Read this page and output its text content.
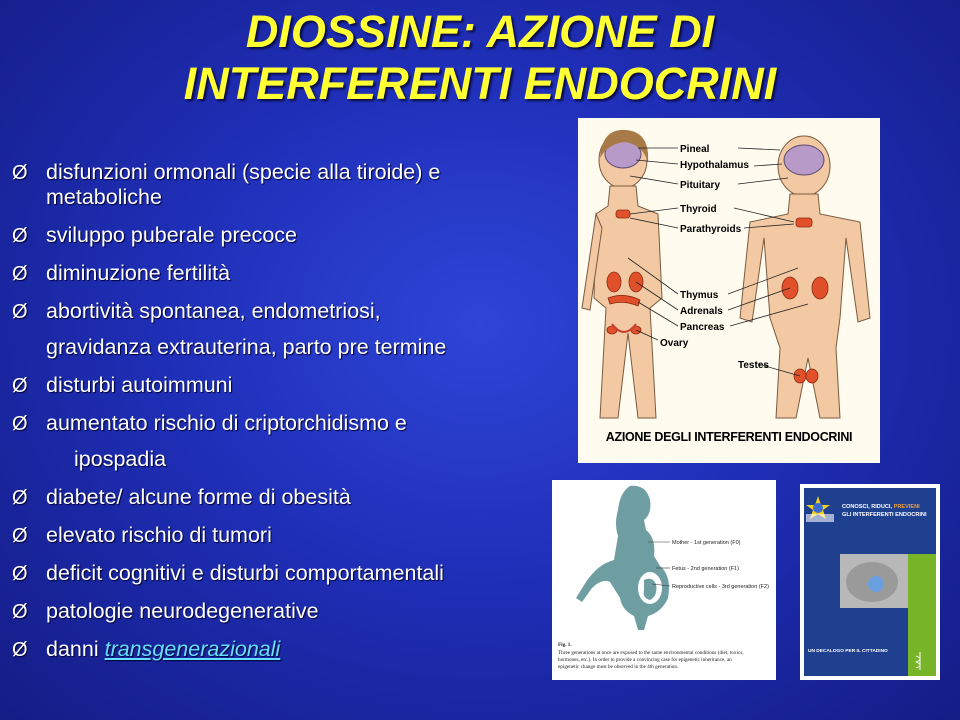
DIOSSINE: AZIONE DI
INTERFERENTI ENDOCRINI
Ø disfunzioni ormonali (specie alla tiroide) e metaboliche
Ø sviluppo puberale precoce
Ø diminuzione fertilità
Ø abortività spontanea, endometriosi,
gravidanza extrauterina, parto pre termine
Ø disturbi autoimmuni
Ø aumentato rischio di criptorchidismo e
ipospadia
Ø diabete/ alcune forme di obesità
Ø elevato rischio di tumori
Ø deficit cognitivi e disturbi comportamentali
Ø patologie neurodegenerative
Ø danni transgenerazionali
Pineal
Hypothalamus
Pituitary
Thyroid
Parathyroids
Thymus
Adrenals
Pancreas
Ovary
Testes
AZIONE DEGLI INTERFERENTI ENDOCRINI
Mother - 1st generation (F0)
Fetus - 2nd generation (F1)
Reproductive cells - 3rd generation (F2)
Fig. 1.
Three generations at once are exposed to the same environmental conditions (diet, toxics,
hormones, etc.). In order to provide a convincing case for epigenetic inheritance, an
epigenetic change must be observed in the 4th generation.
CONOSCI, RIDUCI, PREVIENI
GLI INTERFERENTI ENDOCRINI
UN DECALOGO PER IL CITTADINO
